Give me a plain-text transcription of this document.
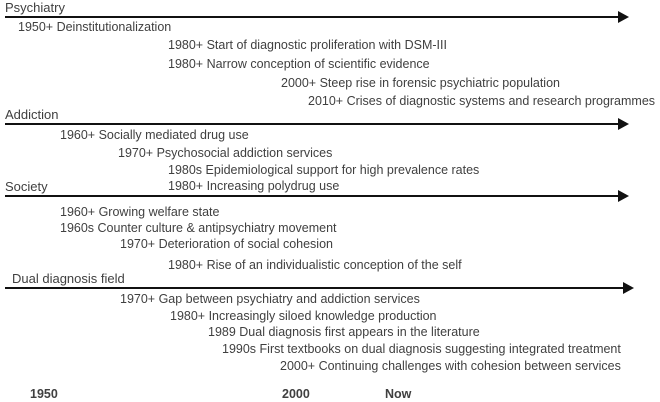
Psychiatry
1950+ Deinstitutionalization
1980+ Start of diagnostic proliferation with DSM-III
1980+ Narrow conception of scientific evidence
2000+ Steep rise in forensic psychiatric population
2010+ Crises of diagnostic systems and research programmes
Addiction
1960+ Socially mediated drug use
1970+ Psychosocial addiction services
1980s Epidemiological support for high prevalence rates
1980+ Increasing polydrug use
Society
1960+ Growing welfare state
1960s Counter culture & antipsychiatry movement
1970+ Deterioration of social cohesion
1980+ Rise of an individualistic conception of the self
Dual diagnosis field
1970+ Gap between psychiatry and addiction services
1980+ Increasingly siloed knowledge production
1989 Dual diagnosis first appears in the literature
1990s First textbooks on dual diagnosis suggesting integrated treatment
2000+ Continuing challenges with cohesion between services
1950	2000	Now
